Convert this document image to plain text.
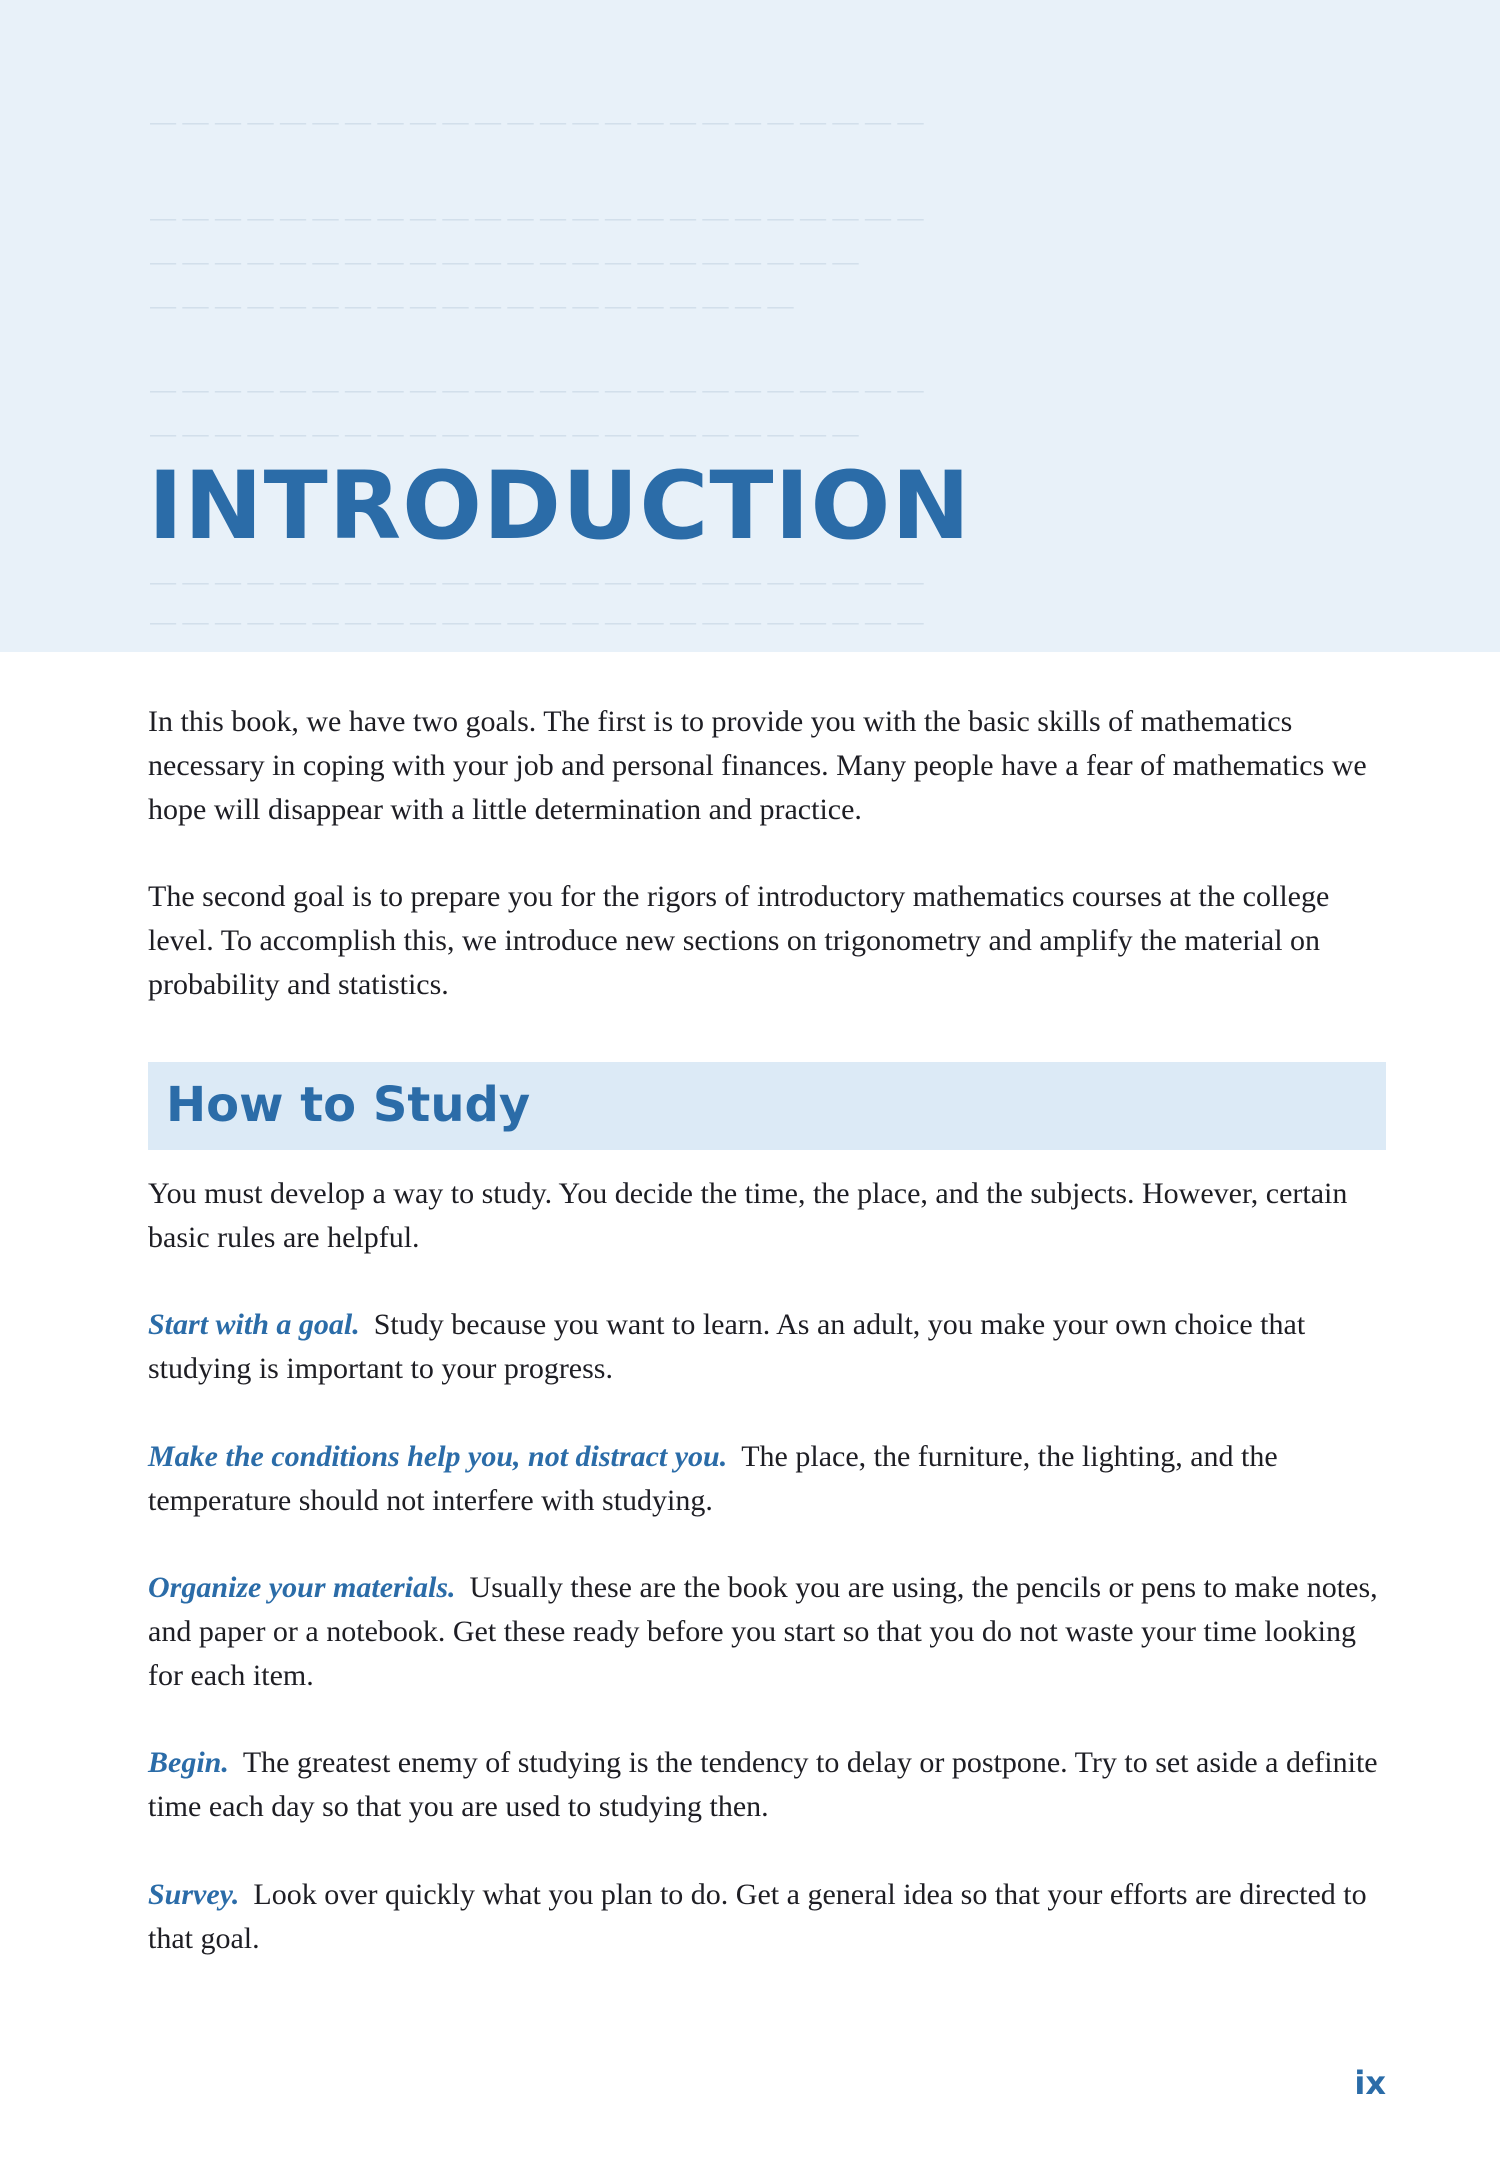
— — — — — — — — — — — — — — — — — — — — — — — —
— — — — — — — — — — — — — — — — — — — — — — — —
— — — — — — — — — — — — — — — — — — — — — —
— — — — — — — — — — — — — — — — — — — —
— — — — — — — — — — — — — — — — — — — — — — — —
— — — — — — — — — — — — — — — — — — — — — —
— — — — — — — — — — — — — — — — — — — — — — — —
— — — — — — — — — — — — — — — — — — — — — — — —
INTRODUCTION

In this book, we have two goals. The first is to provide you with the basic skills of mathematics necessary in coping with your job and personal finances. Many people have a fear of mathematics we hope will disappear with a little determination and practice.

The second goal is to prepare you for the rigors of introductory mathematics courses at the college level. To accomplish this, we introduce new sections on trigonometry and amplify the material on probability and statistics.

How to Study

You must develop a way to study. You decide the time, the place, and the subjects. However, certain basic rules are helpful.

Start with a goal. Study because you want to learn. As an adult, you make your own choice that studying is important to your progress.

Make the conditions help you, not distract you. The place, the furniture, the lighting, and the temperature should not interfere with studying.

Organize your materials. Usually these are the book you are using, the pencils or pens to make notes, and paper or a notebook. Get these ready before you start so that you do not waste your time looking for each item.

Begin. The greatest enemy of studying is the tendency to delay or postpone. Try to set aside a definite time each day so that you are used to studying then.

Survey. Look over quickly what you plan to do. Get a general idea so that your efforts are directed to that goal.

ix
